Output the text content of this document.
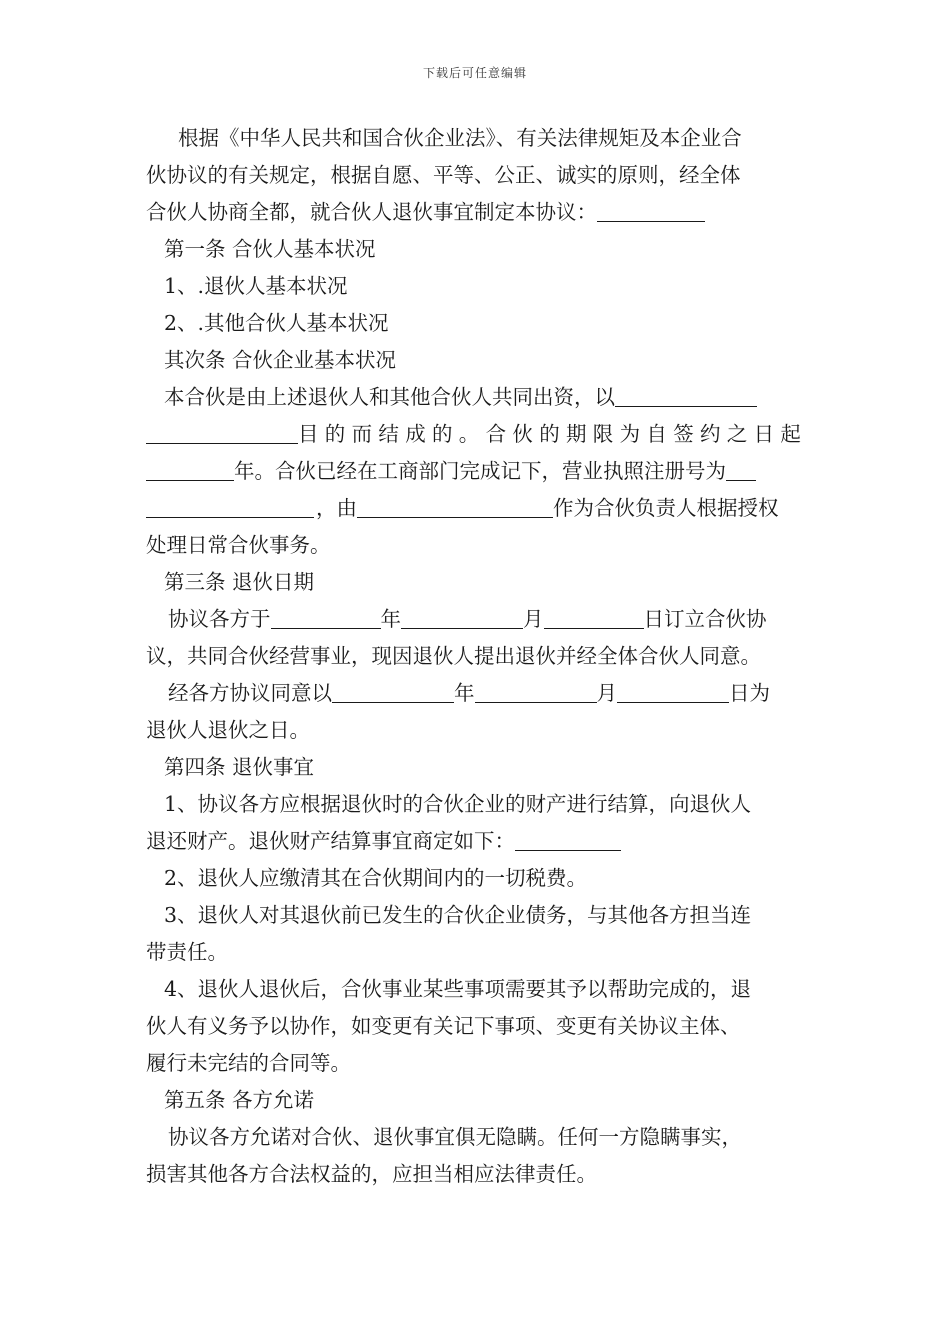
下载后可任意编辑
根据《中华人民共和国合伙企业法》、有关法律规矩及本企业合
伙协议的有关规定，根据自愿、平等、公正、诚实的原则，经全体
合伙人协商全都，就合伙人退伙事宜制定本协议：
第一条 合伙人基本状况
1、.退伙人基本状况
2、.其他合伙人基本状况
其次条 合伙企业基本状况
本合伙是由上述退伙人和其他合伙人共同出资，以
目的而结成的。合伙的期限为自签约之日起
年。合伙已经在工商部门完成记下，营业执照注册号为
，由	作为合伙负责人根据授权
处理日常合伙事务。
第三条 退伙日期
协议各方于	年	月	日订立合伙协
议，共同合伙经营事业，现因退伙人提出退伙并经全体合伙人同意。
经各方协议同意以	年	月	日为
退伙人退伙之日。
第四条 退伙事宜
1、协议各方应根据退伙时的合伙企业的财产进行结算，向退伙人
退还财产。退伙财产结算事宜商定如下：
2、退伙人应缴清其在合伙期间内的一切税费。
3、退伙人对其退伙前已发生的合伙企业债务，与其他各方担当连
带责任。
4、退伙人退伙后，合伙事业某些事项需要其予以帮助完成的，退
伙人有义务予以协作，如变更有关记下事项、变更有关协议主体、
履行未完结的合同等。
第五条 各方允诺
协议各方允诺对合伙、退伙事宜俱无隐瞒。任何一方隐瞒事实，
损害其他各方合法权益的，应担当相应法律责任。
